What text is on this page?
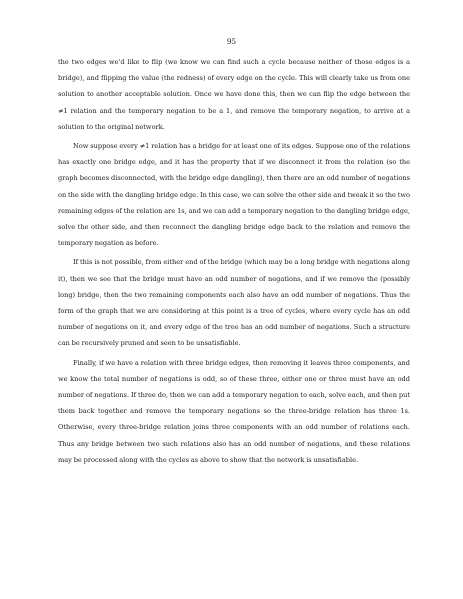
95

the two edges we'd like to flip (we know we can find such a cycle because neither of those edges is a bridge), and flipping the value (the redness) of every edge on the cycle. This will clearly take us from one solution to another acceptable solution. Once we have done this, then we can flip the edge between the ≠1 relation and the temporary negation to be a 1, and remove the temporary negation, to arrive at a solution to the original network.

Now suppose every ≠1 relation has a bridge for at least one of its edges. Suppose one of the relations has exactly one bridge edge, and it has the property that if we disconnect it from the relation (so the graph becomes disconnected, with the bridge edge dangling), then there are an odd number of negations on the side with the dangling bridge edge. In this case, we can solve the other side and tweak it so the two remaining edges of the relation are 1s, and we can add a temporary negation to the dangling bridge edge, solve the other side, and then reconnect the dangling bridge edge back to the relation and remove the temporary negation as before.

If this is not possible, from either end of the bridge (which may be a long bridge with negations along it), then we see that the bridge must have an odd number of negations, and if we remove the (possibly long) bridge, then the two remaining components each also have an odd number of negations. Thus the form of the graph that we are considering at this point is a tree of cycles, where every cycle has an odd number of negations on it, and every edge of the tree has an odd number of negations. Such a structure can be recursively pruned and seen to be unsatisfiable.

Finally, if we have a relation with three bridge edges, then removing it leaves three components, and we know the total number of negations is odd, so of these three, either one or three must have an odd number of negations. If three do, then we can add a temporary negation to each, solve each, and then put them back together and remove the temporary negations so the three-bridge relation has three 1s. Otherwise, every three-bridge relation joins three components with an odd number of relations each. Thus any bridge between two such relations also has an odd number of negations, and these relations may be processed along with the cycles as above to show that the network is unsatisfiable.
